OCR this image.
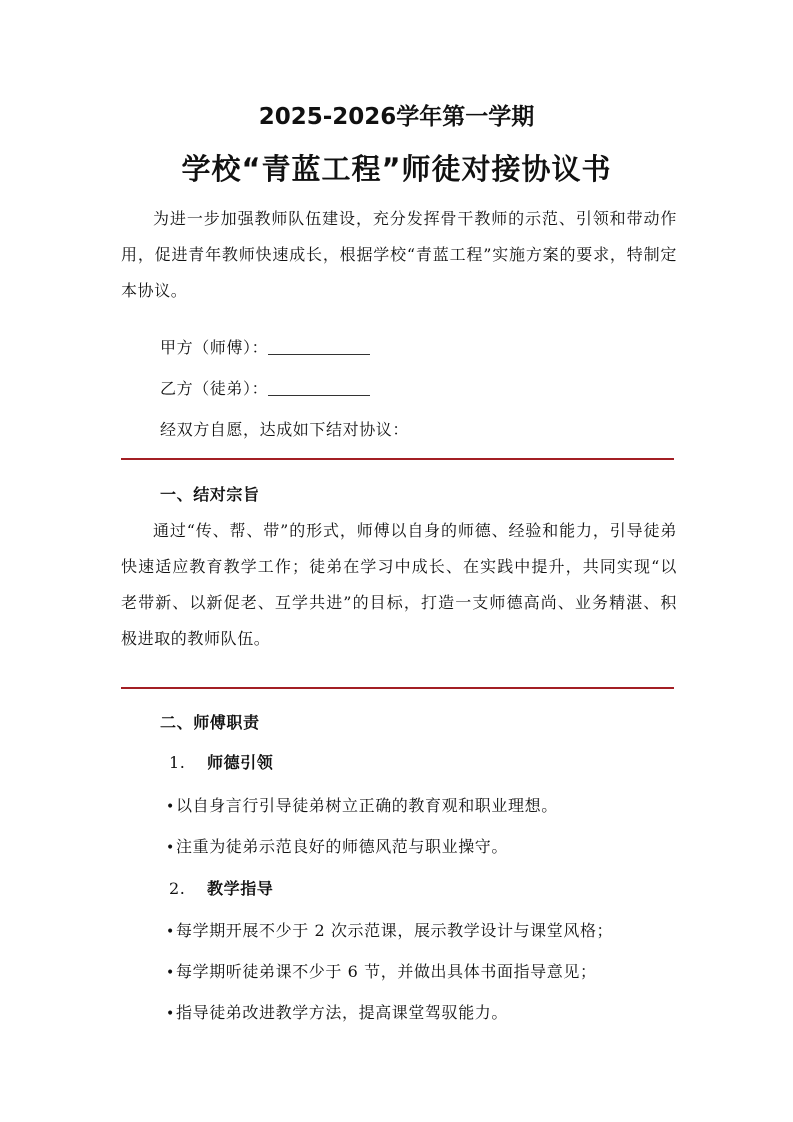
2025-2026学年第一学期
学校“青蓝工程”师徒对接协议书
为进一步加强教师队伍建设，充分发挥骨干教师的示范、引领和带动作用，促进青年教师快速成长，根据学校“青蓝工程”实施方案的要求，特制定本协议。
甲方（师傅）：
乙方（徒弟）：
经双方自愿，达成如下结对协议：
一、结对宗旨
通过“传、帮、带”的形式，师傅以自身的师德、经验和能力，引导徒弟快速适应教育教学工作；徒弟在学习中成长、在实践中提升，共同实现“以老带新、以新促老、互学共进”的目标，打造一支师德高尚、业务精湛、积极进取的教师队伍。
二、师傅职责
1. 师德引领
•以自身言行引导徒弟树立正确的教育观和职业理想。
•注重为徒弟示范良好的师德风范与职业操守。
2. 教学指导
•每学期开展不少于 2 次示范课，展示教学设计与课堂风格；
•每学期听徒弟课不少于 6 节，并做出具体书面指导意见；
•指导徒弟改进教学方法，提高课堂驾驭能力。
